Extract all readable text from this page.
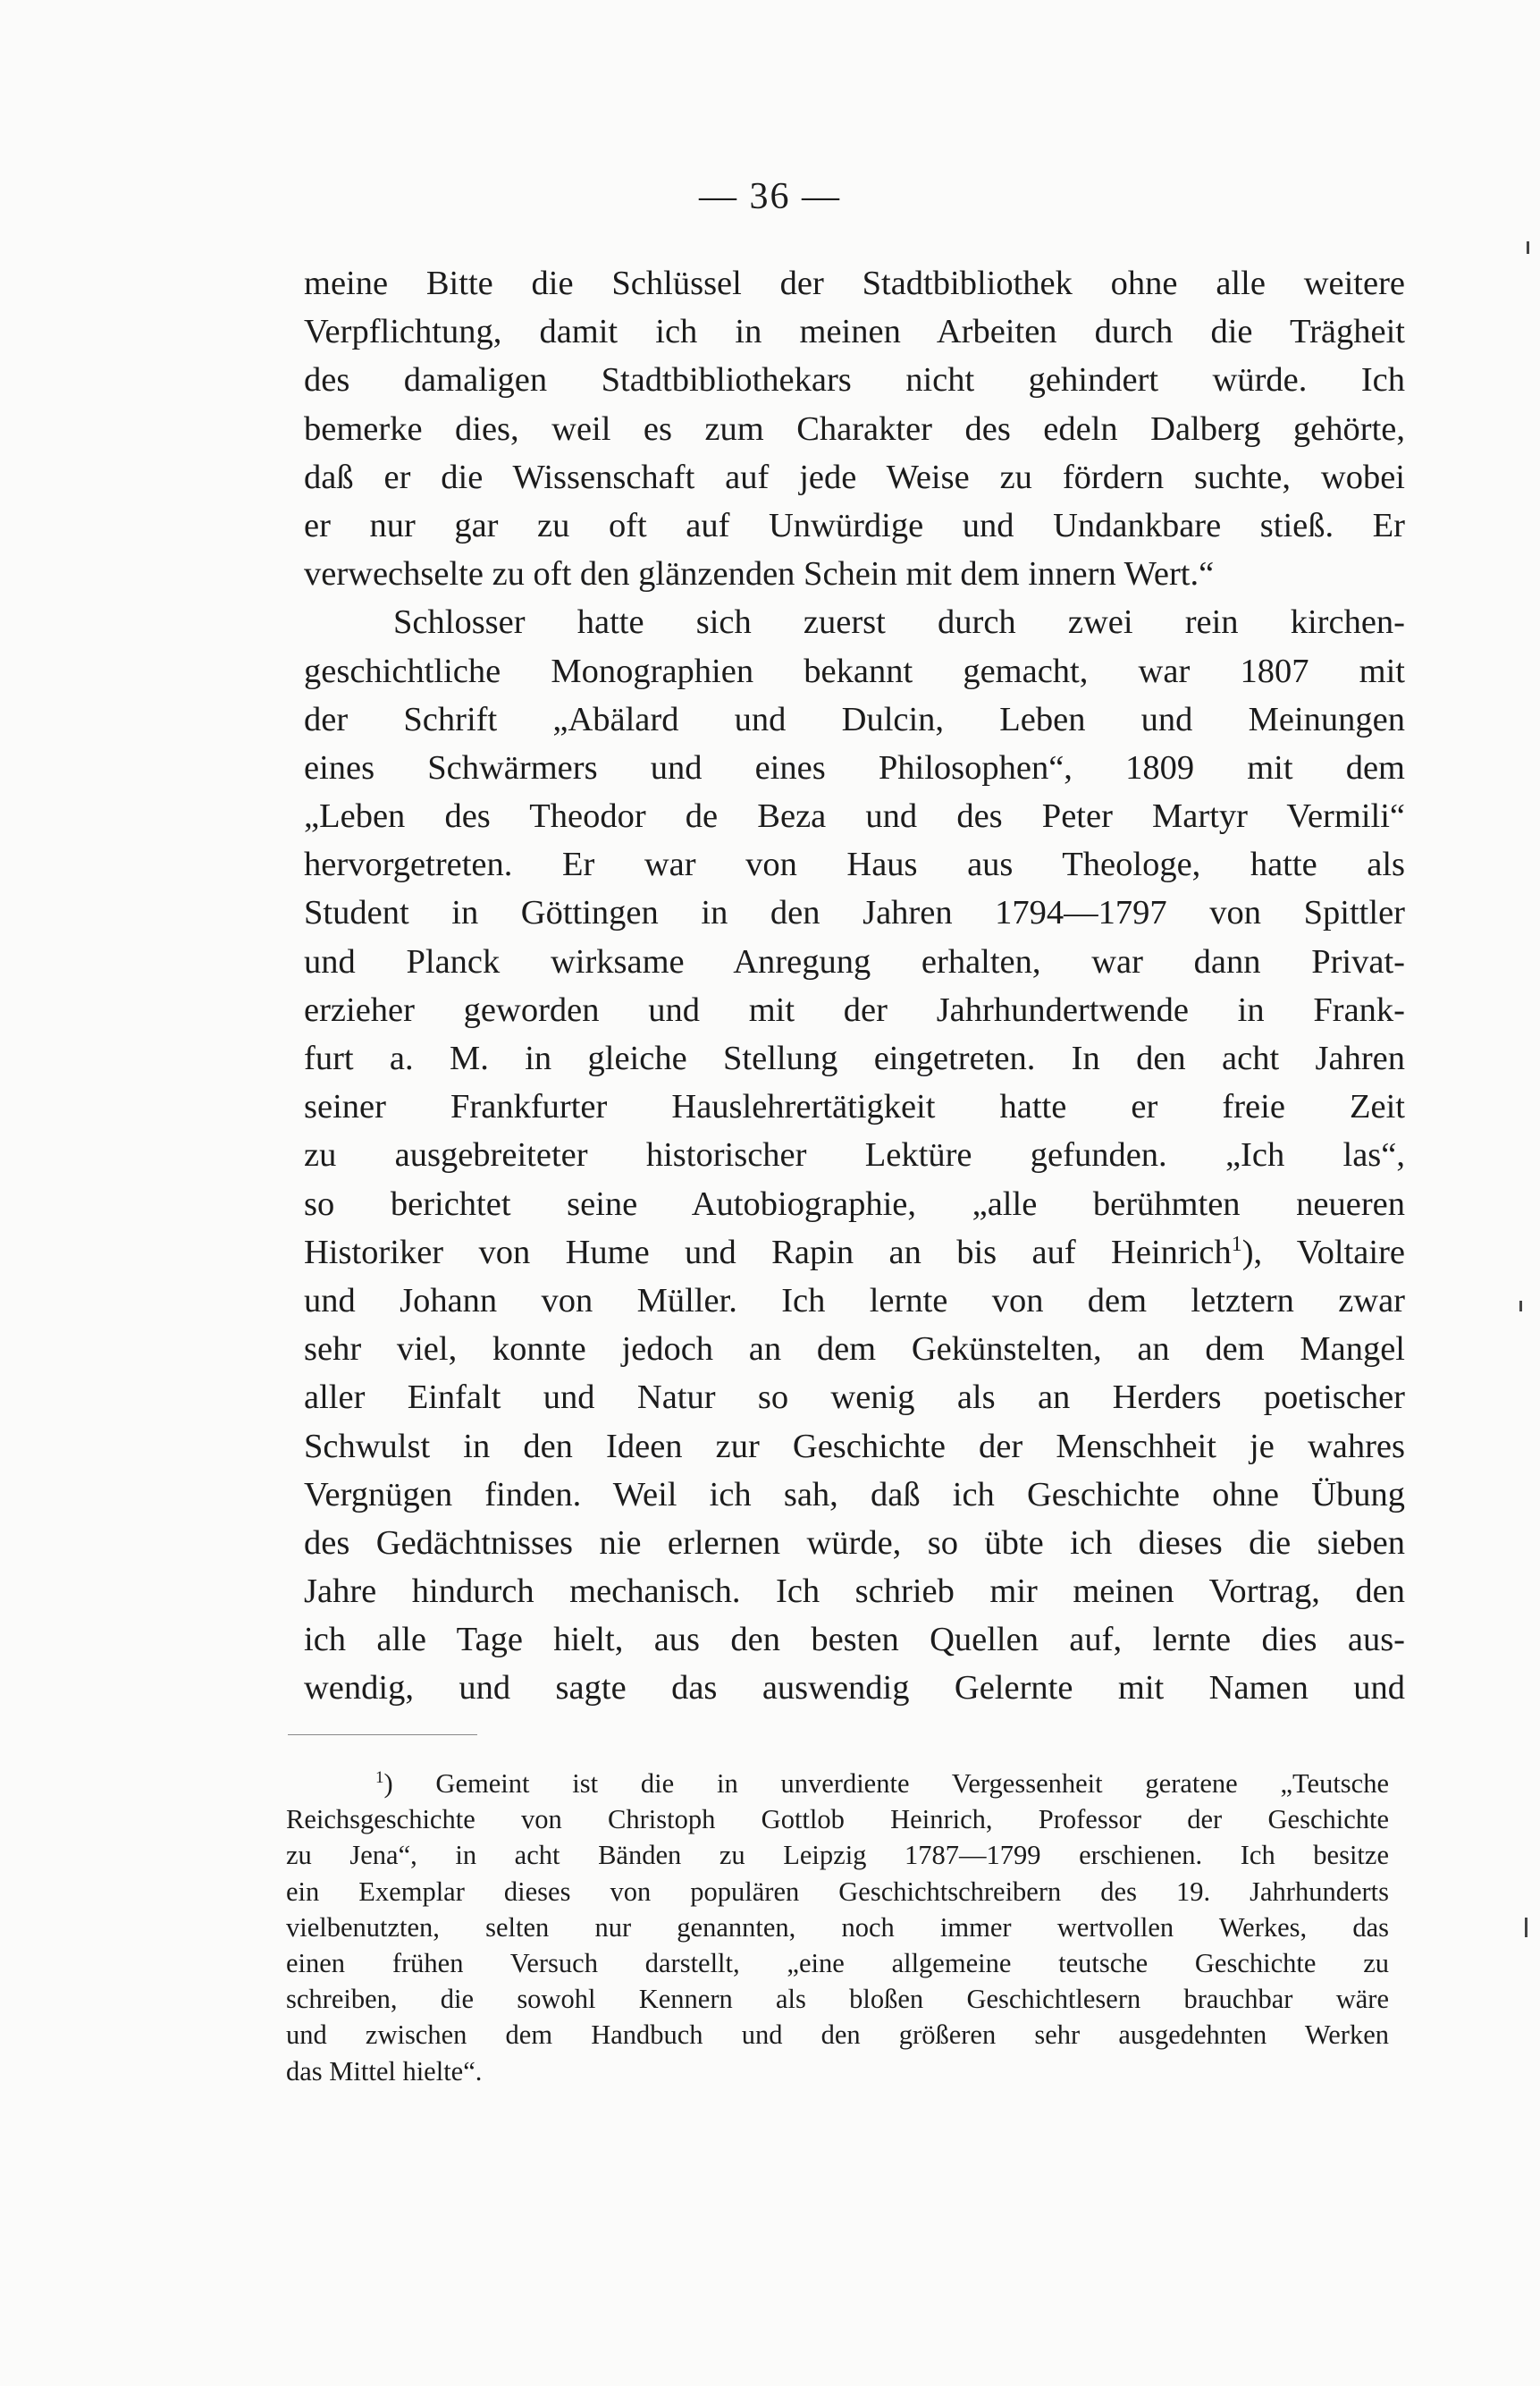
— 36 —
meine Bitte die Schlüssel der Stadtbibliothek ohne alle weitere
Verpflichtung, damit ich in meinen Arbeiten durch die Trägheit
des damaligen Stadtbibliothekars nicht gehindert würde. Ich
bemerke dies, weil es zum Charakter des edeln Dalberg gehörte,
daß er die Wissenschaft auf jede Weise zu fördern suchte, wobei
er nur gar zu oft auf Unwürdige und Undankbare stieß. Er
verwechselte zu oft den glänzenden Schein mit dem innern Wert.“
Schlosser hatte sich zuerst durch zwei rein kirchen-
geschichtliche Monographien bekannt gemacht, war 1807 mit
der Schrift „Abälard und Dulcin, Leben und Meinungen
eines Schwärmers und eines Philosophen“, 1809 mit dem
„Leben des Theodor de Beza und des Peter Martyr Vermili“
hervorgetreten. Er war von Haus aus Theologe, hatte als
Student in Göttingen in den Jahren 1794—1797 von Spittler
und Planck wirksame Anregung erhalten, war dann Privat-
erzieher geworden und mit der Jahrhundertwende in Frank-
furt a. M. in gleiche Stellung eingetreten. In den acht Jahren
seiner Frankfurter Hauslehrertätigkeit hatte er freie Zeit
zu ausgebreiteter historischer Lektüre gefunden. „Ich las“,
so berichtet seine Autobiographie, „alle berühmten neueren
Historiker von Hume und Rapin an bis auf Heinrich$^1$), Voltaire
und Johann von Müller. Ich lernte von dem letztern zwar
sehr viel, konnte jedoch an dem Gekünstelten, an dem Mangel
aller Einfalt und Natur so wenig als an Herders poetischer
Schwulst in den Ideen zur Geschichte der Menschheit je wahres
Vergnügen finden. Weil ich sah, daß ich Geschichte ohne Übung
des Gedächtnisses nie erlernen würde, so übte ich dieses die sieben
Jahre hindurch mechanisch. Ich schrieb mir meinen Vortrag, den
ich alle Tage hielt, aus den besten Quellen auf, lernte dies aus-
wendig, und sagte das auswendig Gelernte mit Namen und
$^1$) Gemeint ist die in unverdiente Vergessenheit geratene „Teutsche
Reichsgeschichte von Christoph Gottlob Heinrich, Professor der Geschichte
zu Jena“, in acht Bänden zu Leipzig 1787—1799 erschienen. Ich besitze
ein Exemplar dieses von populären Geschichtschreibern des 19. Jahrhunderts
vielbenutzten, selten nur genannten, noch immer wertvollen Werkes, das
einen frühen Versuch darstellt, „eine allgemeine teutsche Geschichte zu
schreiben, die sowohl Kennern als bloßen Geschichtlesern brauchbar wäre
und zwischen dem Handbuch und den größeren sehr ausgedehnten Werken
das Mittel hielte“.
